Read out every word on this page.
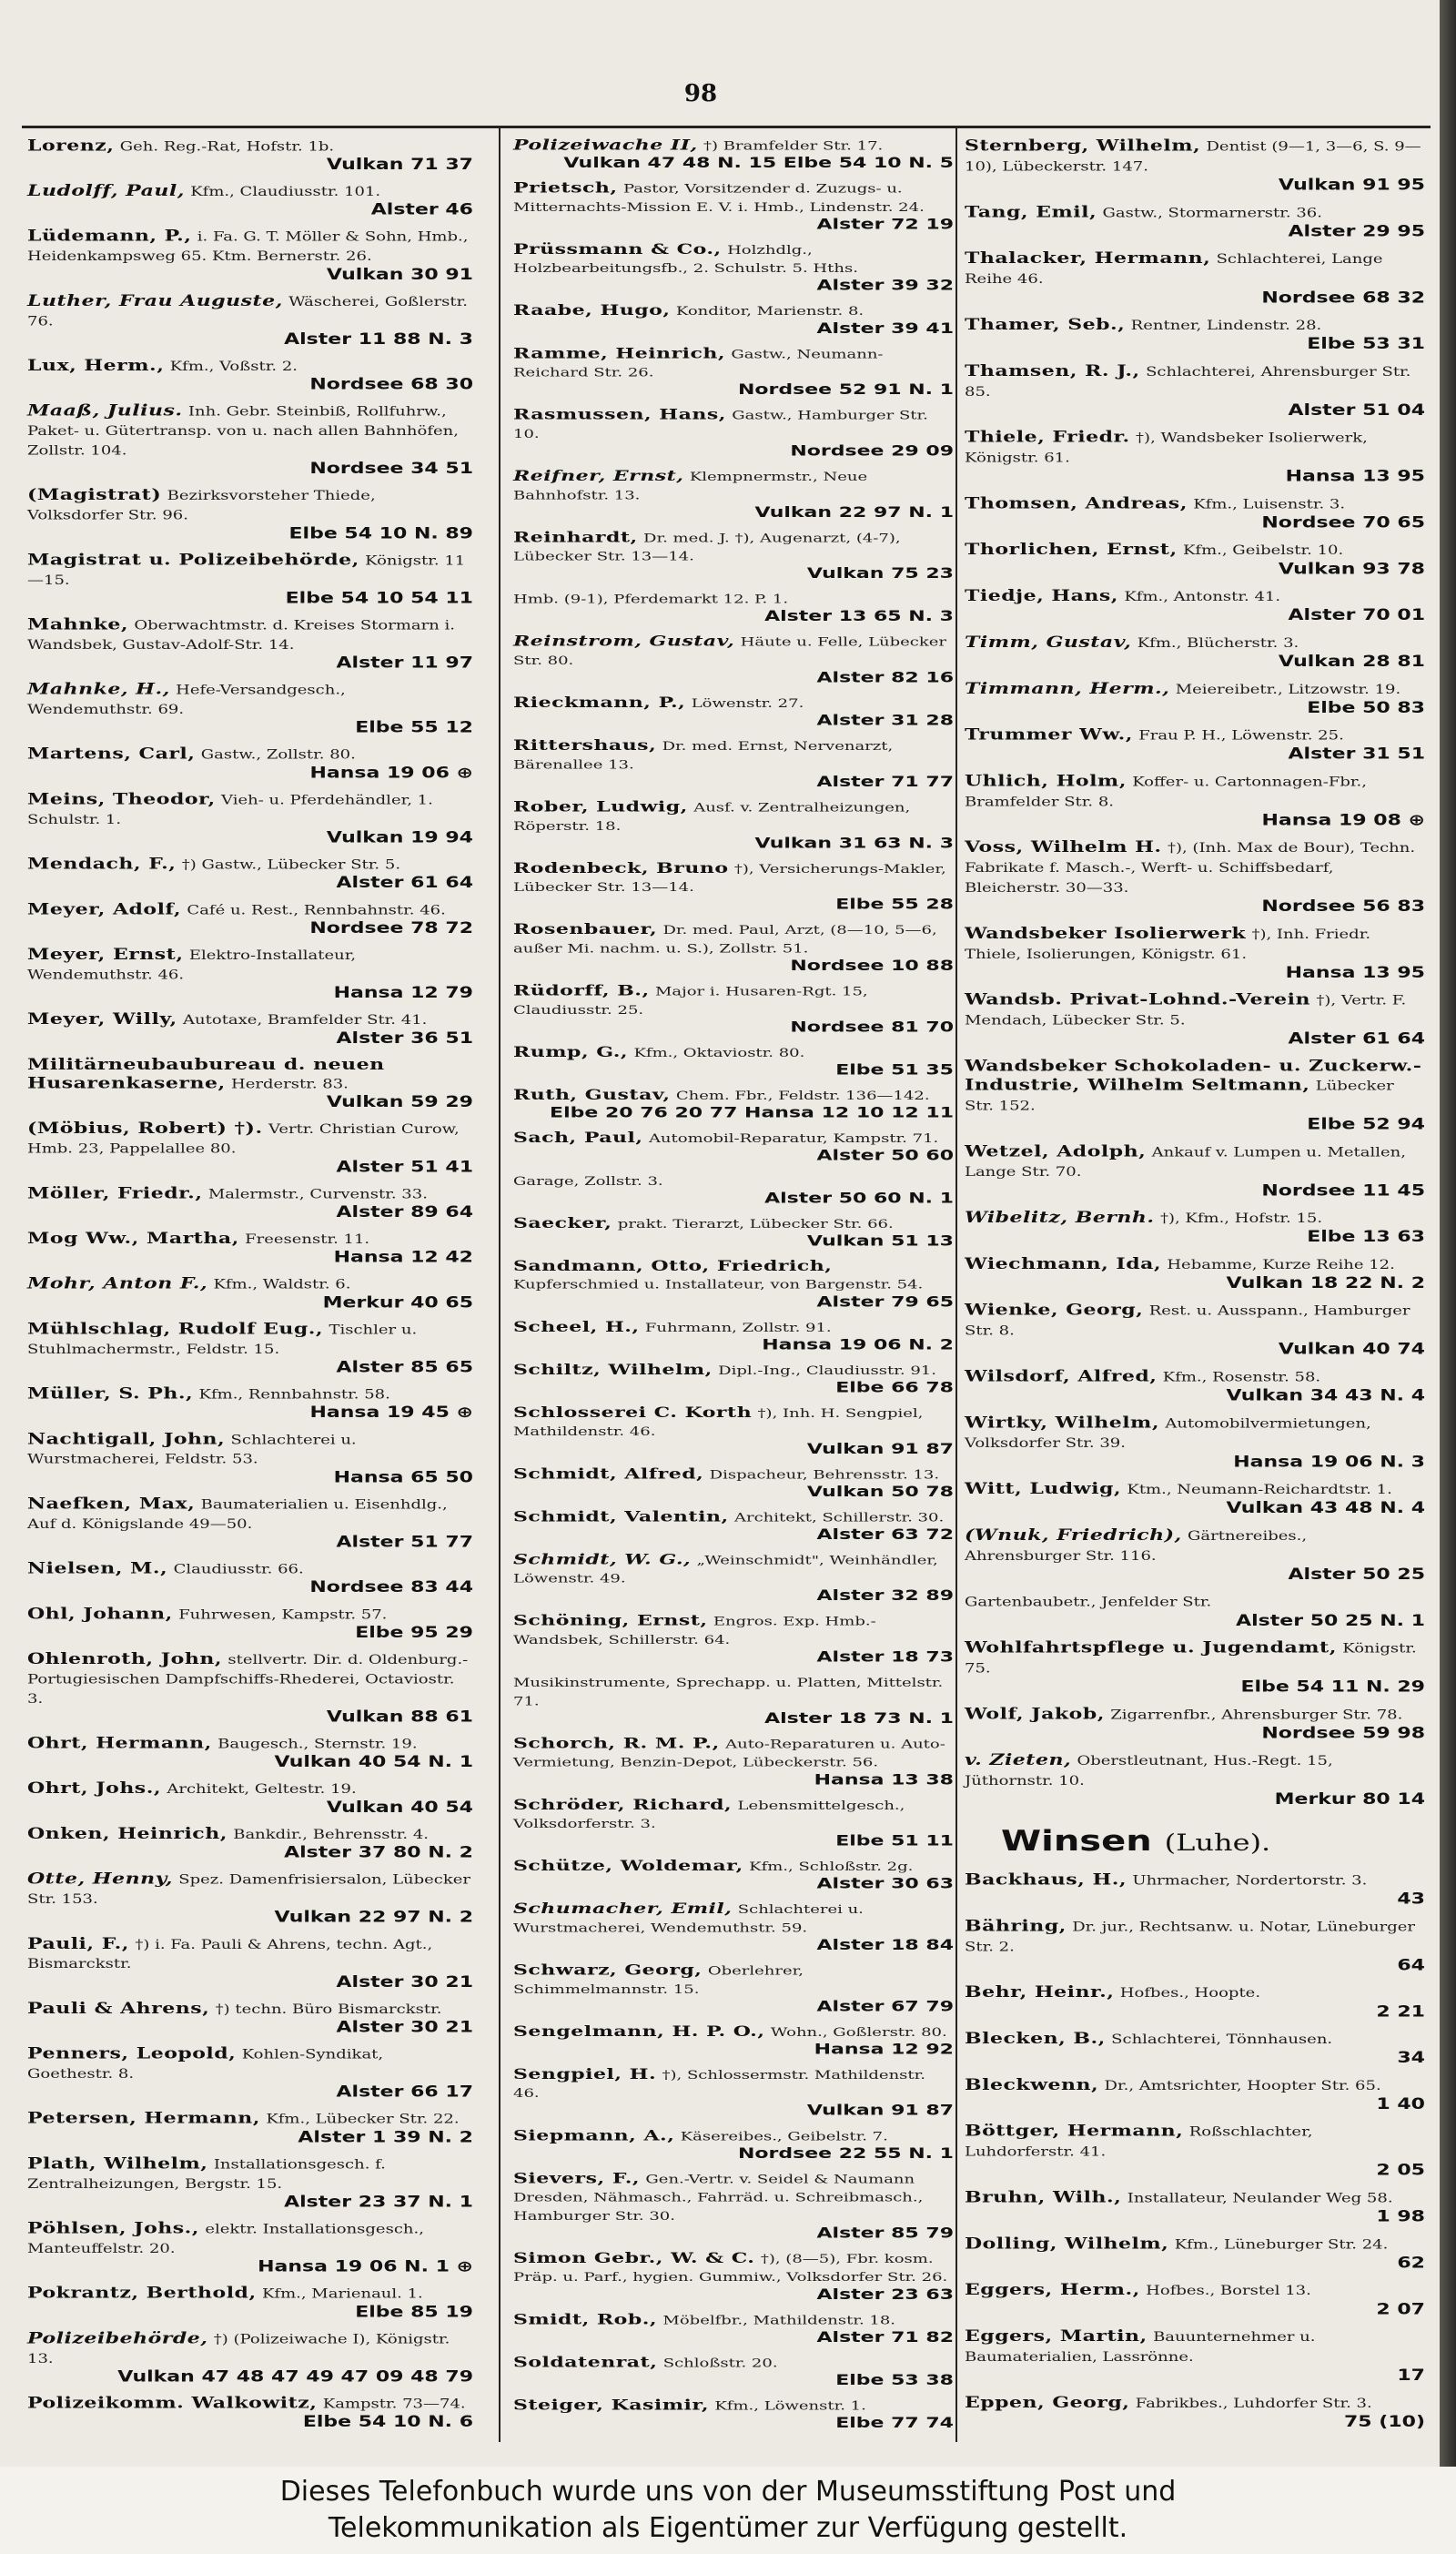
98
Lorenz, Geh. Reg.-Rat, Hofstr. 1b.
Vulkan 71 37
Ludolff, Paul, Kfm., Claudiusstr. 101.
Alster 46
Lüdemann, P., i. Fa. G. T. Möller & Sohn, Hmb., Heidenkampsweg 65. Ktm. Bernerstr. 26.
Vulkan 30 91
Luther, Frau Auguste, Wäscherei, Goßlerstr. 76.
Alster 11 88 N. 3
Lux, Herm., Kfm., Voßstr. 2.
Nordsee 68 30
Maaß, Julius. Inh. Gebr. Steinbiß, Rollfuhrw., Paket- u. Gütertransp. von u. nach allen Bahnhöfen, Zollstr. 104.
Nordsee 34 51
(Magistrat) Bezirksvorsteher Thiede, Volksdorfer Str. 96.
Elbe 54 10 N. 89
Magistrat u. Polizeibehörde, Königstr. 11—15.
Elbe 54 10 54 11
Mahnke, Oberwachtmstr. d. Kreises Stormarn i. Wandsbek, Gustav-Adolf-Str. 14.
Alster 11 97
Mahnke, H., Hefe-Versandgesch., Wendemuthstr. 69.
Elbe 55 12
Martens, Carl, Gastw., Zollstr. 80.
Hansa 19 06 ⊕
Meins, Theodor, Vieh- u. Pferdehändler, 1. Schulstr. 1.
Vulkan 19 94
Mendach, F., †) Gastw., Lübecker Str. 5.
Alster 61 64
Meyer, Adolf, Café u. Rest., Rennbahnstr. 46.
Nordsee 78 72
Meyer, Ernst, Elektro-Installateur, Wendemuthstr. 46.
Hansa 12 79
Meyer, Willy, Autotaxe, Bramfelder Str. 41.
Alster 36 51
Militärneubaubureau d. neuen Husarenkaserne, Herderstr. 83.
Vulkan 59 29
(Möbius, Robert) †). Vertr. Christian Curow, Hmb. 23, Pappelallee 80.
Alster 51 41
Möller, Friedr., Malermstr., Curvenstr. 33.
Alster 89 64
Mog Ww., Martha, Freesenstr. 11.
Hansa 12 42
Mohr, Anton F., Kfm., Waldstr. 6.
Merkur 40 65
Mühlschlag, Rudolf Eug., Tischler u. Stuhlmachermstr., Feldstr. 15.
Alster 85 65
Müller, S. Ph., Kfm., Rennbahnstr. 58.
Hansa 19 45 ⊕
Nachtigall, John, Schlachterei u. Wurstmacherei, Feldstr. 53.
Hansa 65 50
Naefken, Max, Baumaterialien u. Eisenhdlg., Auf d. Königslande 49—50.
Alster 51 77
Nielsen, M., Claudiusstr. 66.
Nordsee 83 44
Ohl, Johann, Fuhrwesen, Kampstr. 57.
Elbe 95 29
Ohlenroth, John, stellvertr. Dir. d. Oldenburg.-Portugiesischen Dampfschiffs-Rhederei, Octaviostr. 3.
Vulkan 88 61
Ohrt, Hermann, Baugesch., Sternstr. 19.
Vulkan 40 54 N. 1
Ohrt, Johs., Architekt, Geltestr. 19.
Vulkan 40 54
Onken, Heinrich, Bankdir., Behrensstr. 4.
Alster 37 80 N. 2
Otte, Henny, Spez. Damenfrisiersalon, Lübecker Str. 153.
Vulkan 22 97 N. 2
Pauli, F., †) i. Fa. Pauli & Ahrens, techn. Agt., Bismarckstr.
Alster 30 21
Pauli & Ahrens, †) techn. Büro Bismarckstr.
Alster 30 21
Penners, Leopold, Kohlen-Syndikat, Goethestr. 8.
Alster 66 17
Petersen, Hermann, Kfm., Lübecker Str. 22.
Alster 1 39 N. 2
Plath, Wilhelm, Installationsgesch. f. Zentralheizungen, Bergstr. 15.
Alster 23 37 N. 1
Pöhlsen, Johs., elektr. Installationsgesch., Manteuffelstr. 20.
Hansa 19 06 N. 1 ⊕
Pokrantz, Berthold, Kfm., Marienaul. 1.
Elbe 85 19
Polizeibehörde, †) (Polizeiwache I), Königstr. 13.
Vulkan 47 48 47 49 47 09 48 79
Polizeikomm. Walkowitz, Kampstr. 73—74.
Elbe 54 10 N. 6
Polizeiwache II, †) Bramfelder Str. 17.
Vulkan 47 48 N. 15 Elbe 54 10 N. 5
Prietsch, Pastor, Vorsitzender d. Zuzugs- u. Mitternachts-Mission E. V. i. Hmb., Lindenstr. 24.
Alster 72 19
Prüssmann & Co., Holzhdlg., Holzbearbeitungsfb., 2. Schulstr. 5. Hths.
Alster 39 32
Raabe, Hugo, Konditor, Marienstr. 8.
Alster 39 41
Ramme, Heinrich, Gastw., Neumann-Reichard Str. 26.
Nordsee 52 91 N. 1
Rasmussen, Hans, Gastw., Hamburger Str. 10.
Nordsee 29 09
Reifner, Ernst, Klempnermstr., Neue Bahnhofstr. 13.
Vulkan 22 97 N. 1
Reinhardt, Dr. med. J. †), Augenarzt, (4-7), Lübecker Str. 13—14.
Vulkan 75 23
Hmb. (9-1), Pferdemarkt 12. P. 1.
Alster 13 65 N. 3
Reinstrom, Gustav, Häute u. Felle, Lübecker Str. 80.
Alster 82 16
Rieckmann, P., Löwenstr. 27.
Alster 31 28
Rittershaus, Dr. med. Ernst, Nervenarzt, Bärenallee 13.
Alster 71 77
Rober, Ludwig, Ausf. v. Zentralheizungen, Röperstr. 18.
Vulkan 31 63 N. 3
Rodenbeck, Bruno †), Versicherungs-Makler, Lübecker Str. 13—14.
Elbe 55 28
Rosenbauer, Dr. med. Paul, Arzt, (8—10, 5—6, außer Mi. nachm. u. S.), Zollstr. 51.
Nordsee 10 88
Rüdorff, B., Major i. Husaren-Rgt. 15, Claudiusstr. 25.
Nordsee 81 70
Rump, G., Kfm., Oktaviostr. 80.
Elbe 51 35
Ruth, Gustav, Chem. Fbr., Feldstr. 136—142.
Elbe 20 76 20 77 Hansa 12 10 12 11
Sach, Paul, Automobil-Reparatur, Kampstr. 71.
Alster 50 60
Garage, Zollstr. 3.
Alster 50 60 N. 1
Saecker, prakt. Tierarzt, Lübecker Str. 66.
Vulkan 51 13
Sandmann, Otto, Friedrich, Kupferschmied u. Installateur, von Bargenstr. 54.
Alster 79 65
Scheel, H., Fuhrmann, Zollstr. 91.
Hansa 19 06 N. 2
Schiltz, Wilhelm, Dipl.-Ing., Claudiusstr. 91.
Elbe 66 78
Schlosserei C. Korth †), Inh. H. Sengpiel, Mathildenstr. 46.
Vulkan 91 87
Schmidt, Alfred, Dispacheur, Behrensstr. 13.
Vulkan 50 78
Schmidt, Valentin, Architekt, Schillerstr. 30.
Alster 63 72
Schmidt, W. G., „Weinschmidt", Weinhändler, Löwenstr. 49.
Alster 32 89
Schöning, Ernst, Engros. Exp. Hmb.-Wandsbek, Schillerstr. 64.
Alster 18 73
Musikinstrumente, Sprechapp. u. Platten, Mittelstr. 71.
Alster 18 73 N. 1
Schorch, R. M. P., Auto-Reparaturen u. Auto-Vermietung, Benzin-Depot, Lübeckerstr. 56.
Hansa 13 38
Schröder, Richard, Lebensmittelgesch., Volksdorferstr. 3.
Elbe 51 11
Schütze, Woldemar, Kfm., Schloßstr. 2g.
Alster 30 63
Schumacher, Emil, Schlachterei u. Wurstmacherei, Wendemuthstr. 59.
Alster 18 84
Schwarz, Georg, Oberlehrer, Schimmelmannstr. 15.
Alster 67 79
Sengelmann, H. P. O., Wohn., Goßlerstr. 80.
Hansa 12 92
Sengpiel, H. †), Schlossermstr. Mathildenstr. 46.
Vulkan 91 87
Siepmann, A., Käsereibes., Geibelstr. 7.
Nordsee 22 55 N. 1
Sievers, F., Gen.-Vertr. v. Seidel & Naumann Dresden, Nähmasch., Fahrräd. u. Schreibmasch., Hamburger Str. 30.
Alster 85 79
Simon Gebr., W. & C. †), (8—5), Fbr. kosm. Präp. u. Parf., hygien. Gummiw., Volksdorfer Str. 26.
Alster 23 63
Smidt, Rob., Möbelfbr., Mathildenstr. 18.
Alster 71 82
Soldatenrat, Schloßstr. 20.
Elbe 53 38
Steiger, Kasimir, Kfm., Löwenstr. 1.
Elbe 77 74
Sternberg, Wilhelm, Dentist (9—1, 3—6, S. 9—10), Lübeckerstr. 147.
Vulkan 91 95
Tang, Emil, Gastw., Stormarnerstr. 36.
Alster 29 95
Thalacker, Hermann, Schlachterei, Lange Reihe 46.
Nordsee 68 32
Thamer, Seb., Rentner, Lindenstr. 28.
Elbe 53 31
Thamsen, R. J., Schlachterei, Ahrensburger Str. 85.
Alster 51 04
Thiele, Friedr. †), Wandsbeker Isolierwerk, Königstr. 61.
Hansa 13 95
Thomsen, Andreas, Kfm., Luisenstr. 3.
Nordsee 70 65
Thorlichen, Ernst, Kfm., Geibelstr. 10.
Vulkan 93 78
Tiedje, Hans, Kfm., Antonstr. 41.
Alster 70 01
Timm, Gustav, Kfm., Blücherstr. 3.
Vulkan 28 81
Timmann, Herm., Meiereibetr., Litzowstr. 19.
Elbe 50 83
Trummer Ww., Frau P. H., Löwenstr. 25.
Alster 31 51
Uhlich, Holm, Koffer- u. Cartonnagen-Fbr., Bramfelder Str. 8.
Hansa 19 08 ⊕
Voss, Wilhelm H. †), (Inh. Max de Bour), Techn. Fabrikate f. Masch.-, Werft- u. Schiffsbedarf, Bleicherstr. 30—33.
Nordsee 56 83
Wandsbeker Isolierwerk †), Inh. Friedr. Thiele, Isolierungen, Königstr. 61.
Hansa 13 95
Wandsb. Privat-Lohnd.-Verein †), Vertr. F. Mendach, Lübecker Str. 5.
Alster 61 64
Wandsbeker Schokoladen- u. Zuckerw.-Industrie, Wilhelm Seltmann, Lübecker Str. 152.
Elbe 52 94
Wetzel, Adolph, Ankauf v. Lumpen u. Metallen, Lange Str. 70.
Nordsee 11 45
Wibelitz, Bernh. †), Kfm., Hofstr. 15.
Elbe 13 63
Wiechmann, Ida, Hebamme, Kurze Reihe 12.
Vulkan 18 22 N. 2
Wienke, Georg, Rest. u. Ausspann., Hamburger Str. 8.
Vulkan 40 74
Wilsdorf, Alfred, Kfm., Rosenstr. 58.
Vulkan 34 43 N. 4
Wirtky, Wilhelm, Automobilvermietungen, Volksdorfer Str. 39.
Hansa 19 06 N. 3
Witt, Ludwig, Ktm., Neumann-Reichardtstr. 1.
Vulkan 43 48 N. 4
(Wnuk, Friedrich), Gärtnereibes., Ahrensburger Str. 116.
Alster 50 25
Gartenbaubetr., Jenfelder Str.
Alster 50 25 N. 1
Wohlfahrtspflege u. Jugendamt, Königstr. 75.
Elbe 54 11 N. 29
Wolf, Jakob, Zigarrenfbr., Ahrensburger Str. 78.
Nordsee 59 98
v. Zieten, Oberstleutnant, Hus.-Regt. 15, Jüthornstr. 10.
Merkur 80 14
Winsen (Luhe).
Backhaus, H., Uhrmacher, Nordertorstr. 3.
43
Bähring, Dr. jur., Rechtsanw. u. Notar, Lüneburger Str. 2.
64
Behr, Heinr., Hofbes., Hoopte.
2 21
Blecken, B., Schlachterei, Tönnhausen.
34
Bleckwenn, Dr., Amtsrichter, Hoopter Str. 65.
1 40
Böttger, Hermann, Roßschlachter, Luhdorferstr. 41.
2 05
Bruhn, Wilh., Installateur, Neulander Weg 58.
1 98
Dolling, Wilhelm, Kfm., Lüneburger Str. 24.
62
Eggers, Herm., Hofbes., Borstel 13.
2 07
Eggers, Martin, Bauunternehmer u. Baumaterialien, Lassrönne.
17
Eppen, Georg, Fabrikbes., Luhdorfer Str. 3.
75 (10)
Dieses Telefonbuch wurde uns von der Museumsstiftung Post und
Telekommunikation als Eigentümer zur Verfügung gestellt.
